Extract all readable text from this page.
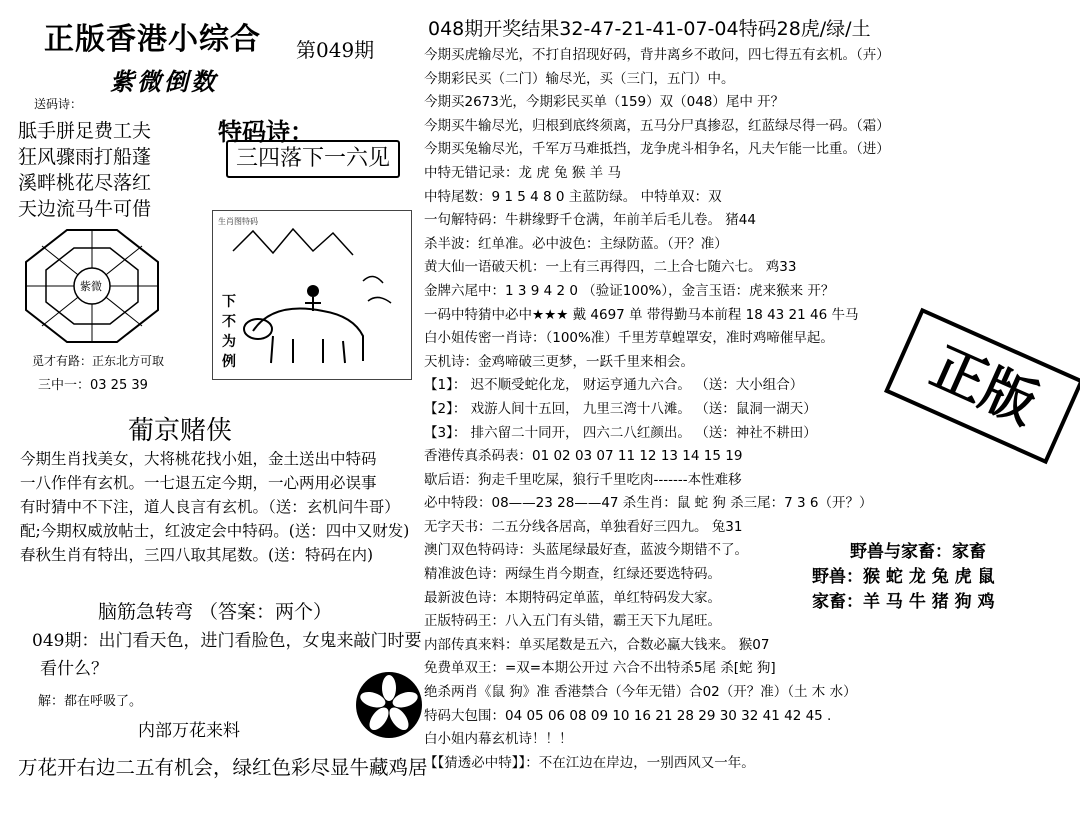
正版香港小综合 第049期
紫微倒数
048期开奖结果32-47-21-41-07-04特码28虎/绿/土
送码诗：
胝手胼足费工夫
狂风骤雨打船蓬
溪畔桃花尽落红
天边流马牛可借
特码诗：
三四落下一六见
生肖图特码
下不为例
紫微
觅才有路：正东北方可取
三中一：03 25 39
葡京赌侠
今期生肖找美女，大将桃花找小姐，金土送出中特码
一八作伴有玄机。一七退五定今期，一心两用必误事
有时猜中不下注，道人良言有玄机。（送：玄机问牛哥）
配;今期权威放帖士，红波定会中特码。(送：四中又财发)
春秋生肖有特出，三四八取其尾数。(送：特码在内)
脑筋急转弯 （答案：两个）
049期：出门看天色，进门看脸色，女鬼来敲门时要
看什么？
解：都在呼吸了。
内部万花来料
万花开右边二五有机会，绿红色彩尽显牛藏鸡居
今期买虎输尽光，不打自招现好码，背井离乡不敢问，四七得五有玄机。（卉）
今期彩民买（二门）输尽光，买（三门，五门）中。
今期买2673光，今期彩民买单（159）双（048）尾中 开？
今期买牛输尽光，归根到底终须离，五马分尸真掺忍，红蓝绿尽得一码。（霜）
今期买兔输尽光，千军万马难抵挡，龙争虎斗相争名，凡夫乍能一比重。（进）
中特无错记录：龙 虎 兔 猴 羊 马
中特尾数：9 1 5 4 8 0 主蓝防绿。 中特单双：双
一句解特码：牛耕缘野千仓满，年前羊后毛儿卷。 猪44
杀半波：红单准。必中波色：主绿防蓝。（开？准）
黄大仙一语破天机：一上有三再得四，二上合七随六七。 鸡33
金牌六尾中：1 3 9 4 2 0 （验证100%），金言玉语：虎来猴来 开？
一码中特猜中必中★★★ 戴 4697 单 带得勤马本前程 18 43 21 46 牛马
白小姐传密一肖诗：（100%准）千里芳草蝗罩安，准时鸡啼催早起。
天机诗：金鸡啼破三更梦，一跃千里来相会。
【1】： 迟不顺受蛇化龙， 财运亨通九六合。 （送：大小组合）
【2】： 戏游人间十五回， 九里三湾十八滩。 （送：鼠洞一湖天）
【3】： 排六留二十同开， 四六二八红颜出。 （送：神社不耕田）
香港传真杀码表：01 02 03 07 11 12 13 14 15 19
歇后语：狗走千里吃屎，狼行千里吃肉-------本性难移
必中特段：08——23 28——47 杀生肖：鼠 蛇 狗 杀三尾：7 3 6（开？）
无字天书：二五分线各居高，单独看好三四九。 兔31
澳门双色特码诗：头蓝尾绿最好查，蓝波今期错不了。
精准波色诗：两绿生肖今期查，红绿还要选特码。
最新波色诗：本期特码定单蓝，单红特码发大家。
正版特码王：八入五门有头错，霸王天下九尾旺。
内部传真来料：单买尾数是五六，合数必赢大钱来。 猴07
免费单双王：=双=本期公开过 六合不出特杀5尾 杀[蛇 狗]
绝杀两肖《鼠 狗》准 香港禁合（今年无错）合02（开？准）（土 木 水）
特码大包围：04 05 06 08 09 10 16 21 28 29 30 32 41 42 45 .
白小姐内幕玄机诗！！！
【【猜透必中特】】：不在江边在岸边，一别西风又一年。
正版
野兽与家畜：家畜
野兽：猴 蛇 龙 兔 虎 鼠
家畜：羊 马 牛 猪 狗 鸡
